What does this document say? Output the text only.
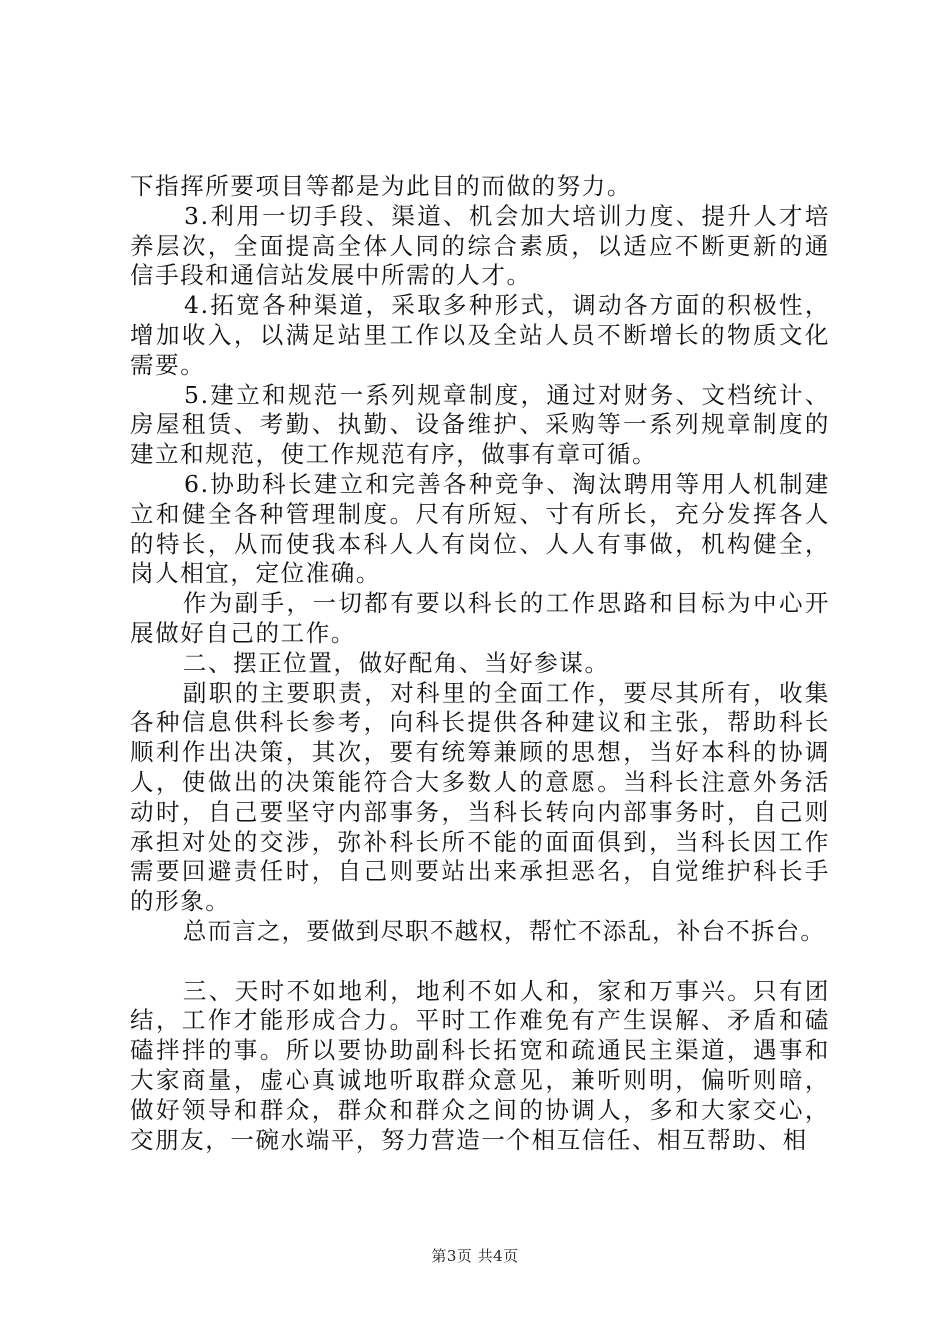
下指挥所要项目等都是为此目的而做的努力。

3.利用一切手段、渠道、机会加大培训力度、提升人才培养层次，全面提高全体人同的综合素质，以适应不断更新的通信手段和通信站发展中所需的人才。

4.拓宽各种渠道，采取多种形式，调动各方面的积极性，增加收入，以满足站里工作以及全站人员不断增长的物质文化需要。

5.建立和规范一系列规章制度，通过对财务、文档统计、房屋租赁、考勤、执勤、设备维护、采购等一系列规章制度的建立和规范，使工作规范有序，做事有章可循。

6.协助科长建立和完善各种竞争、淘汰聘用等用人机制建立和健全各种管理制度。尺有所短、寸有所长，充分发挥各人的特长，从而使我本科人人有岗位、人人有事做，机构健全，岗人相宜，定位准确。

作为副手，一切都有要以科长的工作思路和目标为中心开展做好自己的工作。

二、摆正位置，做好配角、当好参谋。

副职的主要职责，对科里的全面工作，要尽其所有，收集各种信息供科长参考，向科长提供各种建议和主张，帮助科长顺利作出决策，其次，要有统筹兼顾的思想，当好本科的协调人，使做出的决策能符合大多数人的意愿。当科长注意外务活动时，自己要坚守内部事务，当科长转向内部事务时，自己则承担对处的交涉，弥补科长所不能的面面俱到，当科长因工作需要回避责任时，自己则要站出来承担恶名，自觉维护科长手的形象。

总而言之，要做到尽职不越权，帮忙不添乱，补台不拆台。

三、天时不如地利，地利不如人和，家和万事兴。只有团结，工作才能形成合力。平时工作难免有产生误解、矛盾和磕磕拌拌的事。所以要协助副科长拓宽和疏通民主渠道，遇事和大家商量，虚心真诚地听取群众意见，兼听则明，偏听则暗，做好领导和群众，群众和群众之间的协调人，多和大家交心，交朋友，一碗水端平，努力营造一个相互信任、相互帮助、相

第3页 共4页
